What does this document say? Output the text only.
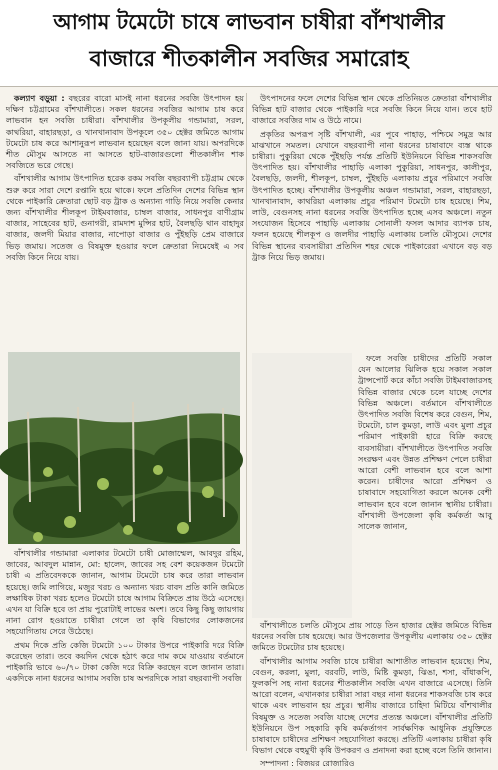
আগাম টমেটো চাষে লাভবান চাষীরা বাঁশখালীর
বাজারে শীতকালীন সবজির সমারোহ

কল্যাণ বড়ুয়া : বছরের বারো মাসই নানা ধরনের সবজি উৎপাদন হয় দক্ষিণ চট্টগ্রামের বাঁশখালীতে। সকল ধরনের সবজির আগাম চাষ করে লাভবান হন সবজি চাষীরা। বাঁশখালীর উপকূলীয় গন্ডামারা, সরল, কাথরিয়া, বাহারছড়া, ও খানখানাবাদ উপকূলে ৩৫০ হেক্টর জমিতে আগাম টমেটো চাষ করে আশানুরূপ লাভবান হয়েছেন বলে জানা যায়। অপরদিকে শীত মৌসুম আসতে না আসতে হাট-বাজারগুলো শীতকালীন শাক সবজিতে ভরে গেছে।

বাঁশখালীর আগাম উৎপাদিত হরেক রকম সবজি বছরব্যাপী চট্টগ্রাম থেকে শুরু করে সারা দেশে রপ্তানি হয়ে থাকে। ফলে প্রতিদিন দেশের বিভিন্ন স্থান থেকে পাইকারি ক্রেতারা ছোট বড় ট্রাক ও অন্যান্য গাড়ি নিয়ে সবজি কেনার জন্য বাঁশখালীর শীলকূপ টাইমবাজার, চাম্বল বাজার, সাধনপুর বাণীগ্রাম বাজার, সাহেবের হাট, গুনাগরী, রামদাশ মুন্সির হাট, বৈলছড়ি থান বাহাদুর বাজার, জলদী মিয়ার বাজার, নাপোড়া বাজার ও পুঁইছড়ি প্রেম বাজারে ভিড় জমায়। সতেজ ও বিষমুক্ত হওয়ার ফলে ক্রেতারা নিমেষেই এ সব সবজি কিনে নিয়ে যায়।

বাঁশখালীর গন্ডামারা এলাকার টমেটো চাষী মোজাম্মেল, আবদুর রহিম, জাবের, আবদুল মান্নান, মো: হালেদ, জাবের সহ বেশ কয়েকজন টমেটো চাষী এ প্রতিবেদককে জানান, আগাম টমেটো চাষ করে তারা লাভবান হয়েছে। জমি লাগিয়ে, মজুর খরচ ও অন্যান্য খরচ বাবদ প্রতি কানি জমিতে লক্ষাধিক টাকা খরচ হলেও টমেটো চাষে আগাম বিক্রিতে প্রায় উঠে এসেছে। এখন যা বিক্রি হবে তা প্রায় পুরোটাই লাভের অংশ। তবে কিছু কিছু জায়গায় নানা রোগ হওয়াতে চাষীরা গেলে তা কৃষি বিভাগের লোকজনের সহযোগিতায় সেরে উঠেছে।

প্রথম দিকে প্রতি কেজি টমেটো ১০০ টাকার উপরে পাইকারি দরে বিক্রি করেছেন তারা। তবে কয়দিন থেকে হঠাৎ করে দাম কমে যাওয়ায় বর্তমানে পাইকারি ভাবে ৬০/৭০ টাকা কেজি দরে বিক্রি করছেন বলে জানান তারা। একদিকে নানা ধরনের আগাম সবজি চাষ অপরদিকে সারা বছরব্যাপী সবজি

উৎপাদনের ফলে দেশের বিভিন্ন স্থান থেকে প্রতিনিয়ত ক্রেতারা বাঁশখালীর বিভিন্ন হাট বাজার থেকে পাইকারি দরে সবজি কিনে নিয়ে যান। তবে হাট বাজারে সবজির দাম ও উঠে নামে।

প্রকৃতির অপরূপ সৃষ্টি বাঁশখালী, এর পূবে পাহাড়, পশ্চিমে সমুদ্র আর মাঝখানে সমতল। যেখানে বছরব্যাপী নানা ধরনের চাষাবাদে ব্যস্ত থাকে চাষীরা। পুকুরিয়া থেকে পুঁইছড়ি পর্যন্ত প্রতিটি ইউনিয়নে বিভিন্ন শাকসবজি উৎপাদিত হয়। বাঁশখালীর পাহাড়ি এলাকা পুকুরিয়া, সাধনপুর, কালীপুর, বৈলছড়ি, জলদী, শীলকূপ, চাম্বল, পুঁইছড়ি এলাকায় প্রচুর পরিমাণে সবজি উৎপাদিত হচ্ছে। বাঁশখালীর উপকূলীয় অঞ্চল গন্ডামারা, সরল, বাহারছড়া, খানখানাবাদ, কাথরিয়া এলাকায় প্রচুর পরিমাণ টমেটো চাষ হয়েছে। শিম, লাউ, বেগুনসহ নানা ধরনের সবজি উৎপাদিত হচ্ছে এসব অঞ্চলে। নতুন সংযোজন হিসেবে পাহাড়ি এলাকায় সোনালী ফসল আদার ব্যাপক চাষ, ফলন হয়েছে শীলকূপ ও জলদীর পাহাড়ি এলাকায় চলতি মৌসুমে। দেশের বিভিন্ন স্থানের ব্যবসায়ীরা প্রতিদিন শহর থেকে পাইকারেরা এখানে বড় বড় ট্রাক নিয়ে ভিড় জমায়।

ফলে সবজি চাষীদের প্রতিটি সকাল যেন আলোর ঝিলিক হয়ে সকাল সকাল ট্রান্সপোর্ট করে কাঁচা সবজি টাইমবাজারসহ বিভিন্ন বাজার থেকে চলে যাচ্ছে দেশের বিভিন্ন অঞ্চলে। বর্তমানে বাঁশখালীতে উৎপাদিত সবজি বিশেষ করে বেগুন, শিম, টমেটো, চাল কুমড়া, লাউ এবং মুলা প্রচুর পরিমাণ পাইকারী হারে বিক্রি করছে ব্যবসায়ীরা। বাঁশখালীতে উৎপাদিত সবজি সংরক্ষণ এবং উন্নত প্রশিক্ষণ পেলে চাষীরা আরো বেশী লাভবান হবে বলে আশা করেন। চাষীদের আরো প্রশিক্ষণ ও চাষাবাদে সহযোগিতা করলে অনেক বেশী লাভবান হবে বলে জানান স্থানীয় চাষীরা। বাঁশখালী উপজেলা কৃষি কর্মকর্তা আবু সালেক জানান,

বাঁশখালীতে চলতি মৌসুমে প্রায় সাড়ে তিন হাজার হেক্টর জমিতে বিভিন্ন ধরনের সবজি চাষ হয়েছে। আর উপজেলার উপকূলীয় এলাকায় ৩৫০ হেক্টর জমিতে টমেটোর চাষ হয়েছে।

বাঁশখালীর আগাম সবজি চাষে চাষীরা আশাতীত লাভবান হয়েছে। শিম, বেগুন, করলা, মুলা, বরবটি, লাউ, মিষ্টি কুমড়া, ঝিঙা, শসা, বাঁধাকপি, ফুলকপি সহ নানা ধরনের শীতকালীন সবজি এখন বাজারে এসেছে। তিনি আরো বলেন, এখানকার চাষীরা সারা বছর নানা ধরনের শাকসবজি চাষ করে থাকে এবং লাভবান হয় প্রচুর। স্থানীয় বাজারে চাহিদা মিটিয়ে বাঁশখালীর বিষমুক্ত ও সতেজ সবজি যাচ্ছে দেশের প্রত্যন্ত অঞ্চলে। বাঁশখালীর প্রতিটি ইউনিয়নে উপ সহকারি কৃষি কর্মকর্তাগণ সার্বক্ষণিক আধুনিক প্রযুক্তিতে চাষাবাদে চাষীদের প্রশিক্ষণ সহযোগিতা করছে। প্রতিটি এলাকায় চাষীরা কৃষি বিভাগ থেকে বহুমুখী কৃষি উপকরণ ও প্রনাদনা করা হচ্ছে বলে তিনি জানান।

সম্পাদনা : বিজয়র রোজারিও
